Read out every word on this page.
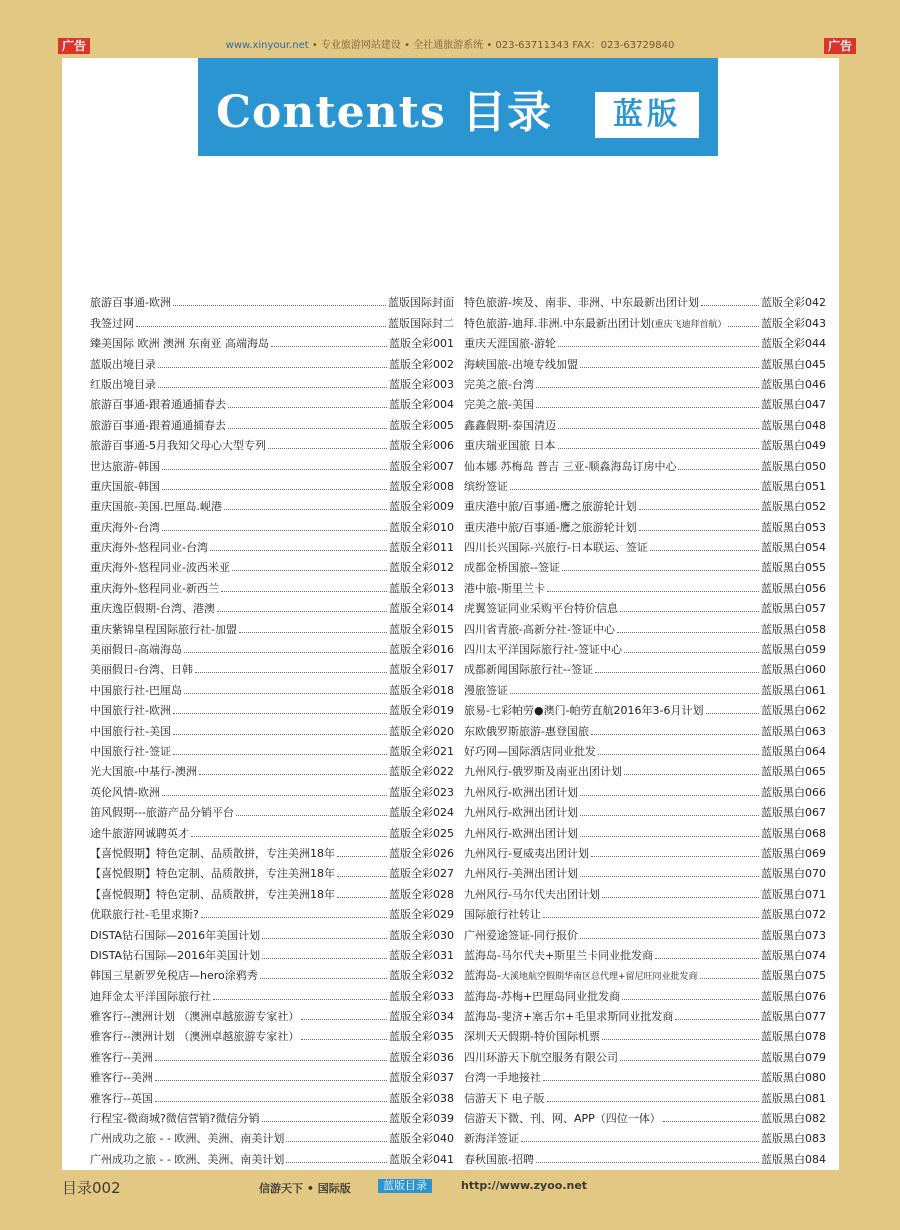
广告	www.xinyour.net • 专业旅游网站建设 • 全社通旅游系统 • 023-63711343 FAX：023-63729840	广告
Contents 目录	蓝版
旅游百事通-欧洲	蓝版国际封面
我签过网	蓝版国际封二
臻美国际 欧洲 澳洲 东南亚 高端海岛	蓝版全彩001
蓝版出境目录	蓝版全彩002
红版出境目录	蓝版全彩003
旅游百事通-跟着通通捕春去	蓝版全彩004
旅游百事通-跟着通通捕春去	蓝版全彩005
旅游百事通-5月我知父母心大型专列	蓝版全彩006
世达旅游-韩国	蓝版全彩007
重庆国旅-韩国	蓝版全彩008
重庆国旅-美国.巴厘岛.岘港	蓝版全彩009
重庆海外-台湾	蓝版全彩010
重庆海外-悠程同业-台湾	蓝版全彩011
重庆海外-悠程同业-波西米亚	蓝版全彩012
重庆海外-悠程同业-新西兰	蓝版全彩013
重庆逸臣假期-台湾、港澳	蓝版全彩014
重庆紫锦皇程国际旅行社-加盟	蓝版全彩015
美丽假日-高端海岛	蓝版全彩016
美丽假日-台湾、日韩	蓝版全彩017
中国旅行社-巴厘岛	蓝版全彩018
中国旅行社-欧洲	蓝版全彩019
中国旅行社-美国	蓝版全彩020
中国旅行社-签证	蓝版全彩021
光大国旅-中基行-澳洲	蓝版全彩022
英伦风情-欧洲	蓝版全彩023
笛风假期---旅游产品分销平台	蓝版全彩024
途牛旅游网诚聘英才	蓝版全彩025
【喜悦假期】特色定制、品质散拼，专注美洲18年	蓝版全彩026
【喜悦假期】特色定制、品质散拼，专注美洲18年	蓝版全彩027
【喜悦假期】特色定制、品质散拼，专注美洲18年	蓝版全彩028
优联旅行社-毛里求斯?	蓝版全彩029
DISTA钻石国际—2016年美国计划	蓝版全彩030
DISTA钻石国际—2016年美国计划	蓝版全彩031
韩国三星新罗免税店—hero涂鸦秀	蓝版全彩032
迪拜金太平洋国际旅行社	蓝版全彩033
雅客行--澳洲计划 （澳洲卓越旅游专家社）	蓝版全彩034
雅客行--澳洲计划 （澳洲卓越旅游专家社）	蓝版全彩035
雅客行--美洲	蓝版全彩036
雅客行--美洲	蓝版全彩037
雅客行--英国	蓝版全彩038
行程宝-微商城?微信营销?微信分销	蓝版全彩039
广州成功之旅 - - 欧洲、美洲、南美计划	蓝版全彩040
广州成功之旅 - - 欧洲、美洲、南美计划	蓝版全彩041
特色旅游-埃及、南非、非洲、中东最新出团计划	蓝版全彩042
特色旅游-迪拜.非洲.中东最新出团计划(重庆飞迪拜首航）	蓝版全彩043
重庆天涯国旅-游轮	蓝版全彩044
海峡国旅-出境专线加盟	蓝版黑白045
完美之旅-台湾	蓝版黑白046
完美之旅-美国	蓝版黑白047
鑫鑫假期-泰国清迈	蓝版黑白048
重庆瑞亚国旅 日本	蓝版黑白049
仙本娜 苏梅岛 普吉 三亚-顺淼海岛订房中心	蓝版黑白050
缤纷签证	蓝版黑白051
重庆港中旅/百事通-鹰之旅游轮计划	蓝版黑白052
重庆港中旅/百事通-鹰之旅游轮计划	蓝版黑白053
四川长兴国际-兴旅行-日本联运、签证	蓝版黑白054
成都金桥国旅--签证	蓝版黑白055
港中旅-斯里兰卡	蓝版黑白056
虎翼签证同业采购平台特价信息	蓝版黑白057
四川省青旅-高新分社-签证中心	蓝版黑白058
四川太平洋国际旅行社-签证中心	蓝版黑白059
成都新闻国际旅行社--签证	蓝版黑白060
漫旅签证	蓝版黑白061
旅易-七彩帕劳●澳门-帕劳直航2016年3-6月计划	蓝版黑白062
东欧俄罗斯旅游-惠登国旅	蓝版黑白063
好巧网—国际酒店同业批发	蓝版黑白064
九州风行-俄罗斯及南亚出团计划	蓝版黑白065
九州风行-欧洲出团计划	蓝版黑白066
九州风行-欧洲出团计划	蓝版黑白067
九州风行-欧洲出团计划	蓝版黑白068
九州风行-夏威夷出团计划	蓝版黑白069
九州风行-美洲出团计划	蓝版黑白070
九州风行-马尔代夫出团计划	蓝版黑白071
国际旅行社转让	蓝版黑白072
广州爱途签证-同行报价	蓝版黑白073
蓝海岛-马尔代夫+斯里兰卡同业批发商	蓝版黑白074
蓝海岛-大溪地航空假期华南区总代理+留尼旺同业批发商	蓝版黑白075
蓝海岛-苏梅+巴厘岛同业批发商	蓝版黑白076
蓝海岛-斐济+塞舌尔+毛里求斯同业批发商	蓝版黑白077
深圳天天假期-特价国际机票	蓝版黑白078
四川环游天下航空服务有限公司	蓝版黑白079
台湾一手地接社	蓝版黑白080
信游天下 电子版	蓝版黑白081
信游天下微、刊、网、APP（四位一体）	蓝版黑白082
新海洋签证	蓝版黑白083
春秋国旅-招聘	蓝版黑白084
目录002	信游天下 • 国际版	蓝版目录	http://www.zyoo.net
